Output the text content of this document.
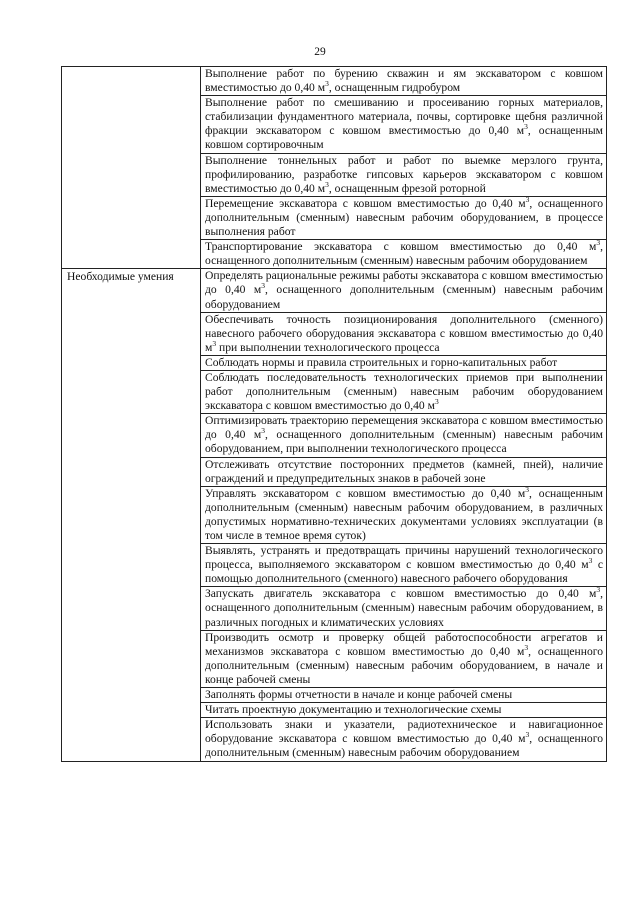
29
	Выполнение работ по бурению скважин и ям экскаватором с ковшом вместимостью до 0,40 $м^3$, оснащенным гидробуром
	Выполнение работ по смешиванию и просеиванию горных материалов, стабилизации фундаментного материала, почвы, сортировке щебня различной фракции экскаватором с ковшом вместимостью до 0,40 $м^3$, оснащенным ковшом сортировочным
	Выполнение тоннельных работ и работ по выемке мерзлого грунта, профилированию, разработке гипсовых карьеров экскаватором с ковшом вместимостью до 0,40 $м^3$, оснащенным фрезой роторной
	Перемещение экскаватора с ковшом вместимостью до 0,40 $м^3$, оснащенного дополнительным (сменным) навесным рабочим оборудованием, в процессе выполнения работ
	Транспортирование экскаватора с ковшом вместимостью до 0,40 $м^3$, оснащенного дополнительным (сменным) навесным рабочим оборудованием
Необходимые умения	Определять рациональные режимы работы экскаватора с ковшом вместимостью до 0,40 $м^3$, оснащенного дополнительным (сменным) навесным рабочим оборудованием
	Обеспечивать точность позиционирования дополнительного (сменного) навесного рабочего оборудования экскаватора с ковшом вместимостью до 0,40 $м^3$ при выполнении технологического процесса
	Соблюдать нормы и правила строительных и горно-капитальных работ
	Соблюдать последовательность технологических приемов при выполнении работ дополнительным (сменным) навесным рабочим оборудованием экскаватора с ковшом вместимостью до 0,40 $м^3$
	Оптимизировать траекторию перемещения экскаватора с ковшом вместимостью до 0,40 $м^3$, оснащенного дополнительным (сменным) навесным рабочим оборудованием, при выполнении технологического процесса
	Отслеживать отсутствие посторонних предметов (камней, пней), наличие ограждений и предупредительных знаков в рабочей зоне
	Управлять экскаватором с ковшом вместимостью до 0,40 $м^3$, оснащенным дополнительным (сменным) навесным рабочим оборудованием, в различных допустимых нормативно-технических документами условиях эксплуатации (в том числе в темное время суток)
	Выявлять, устранять и предотвращать причины нарушений технологического процесса, выполняемого экскаватором с ковшом вместимостью до 0,40 $м^3$ с помощью дополнительного (сменного) навесного рабочего оборудования
	Запускать двигатель экскаватора с ковшом вместимостью до 0,40 $м^3$, оснащенного дополнительным (сменным) навесным рабочим оборудованием, в различных погодных и климатических условиях
	Производить осмотр и проверку общей работоспособности агрегатов и механизмов экскаватора с ковшом вместимостью до 0,40 $м^3$, оснащенного дополнительным (сменным) навесным рабочим оборудованием, в начале и конце рабочей смены
	Заполнять формы отчетности в начале и конце рабочей смены
	Читать проектную документацию и технологические схемы
	Использовать знаки и указатели, радиотехническое и навигационное оборудование экскаватора с ковшом вместимостью до 0,40 $м^3$, оснащенного дополнительным (сменным) навесным рабочим оборудованием
